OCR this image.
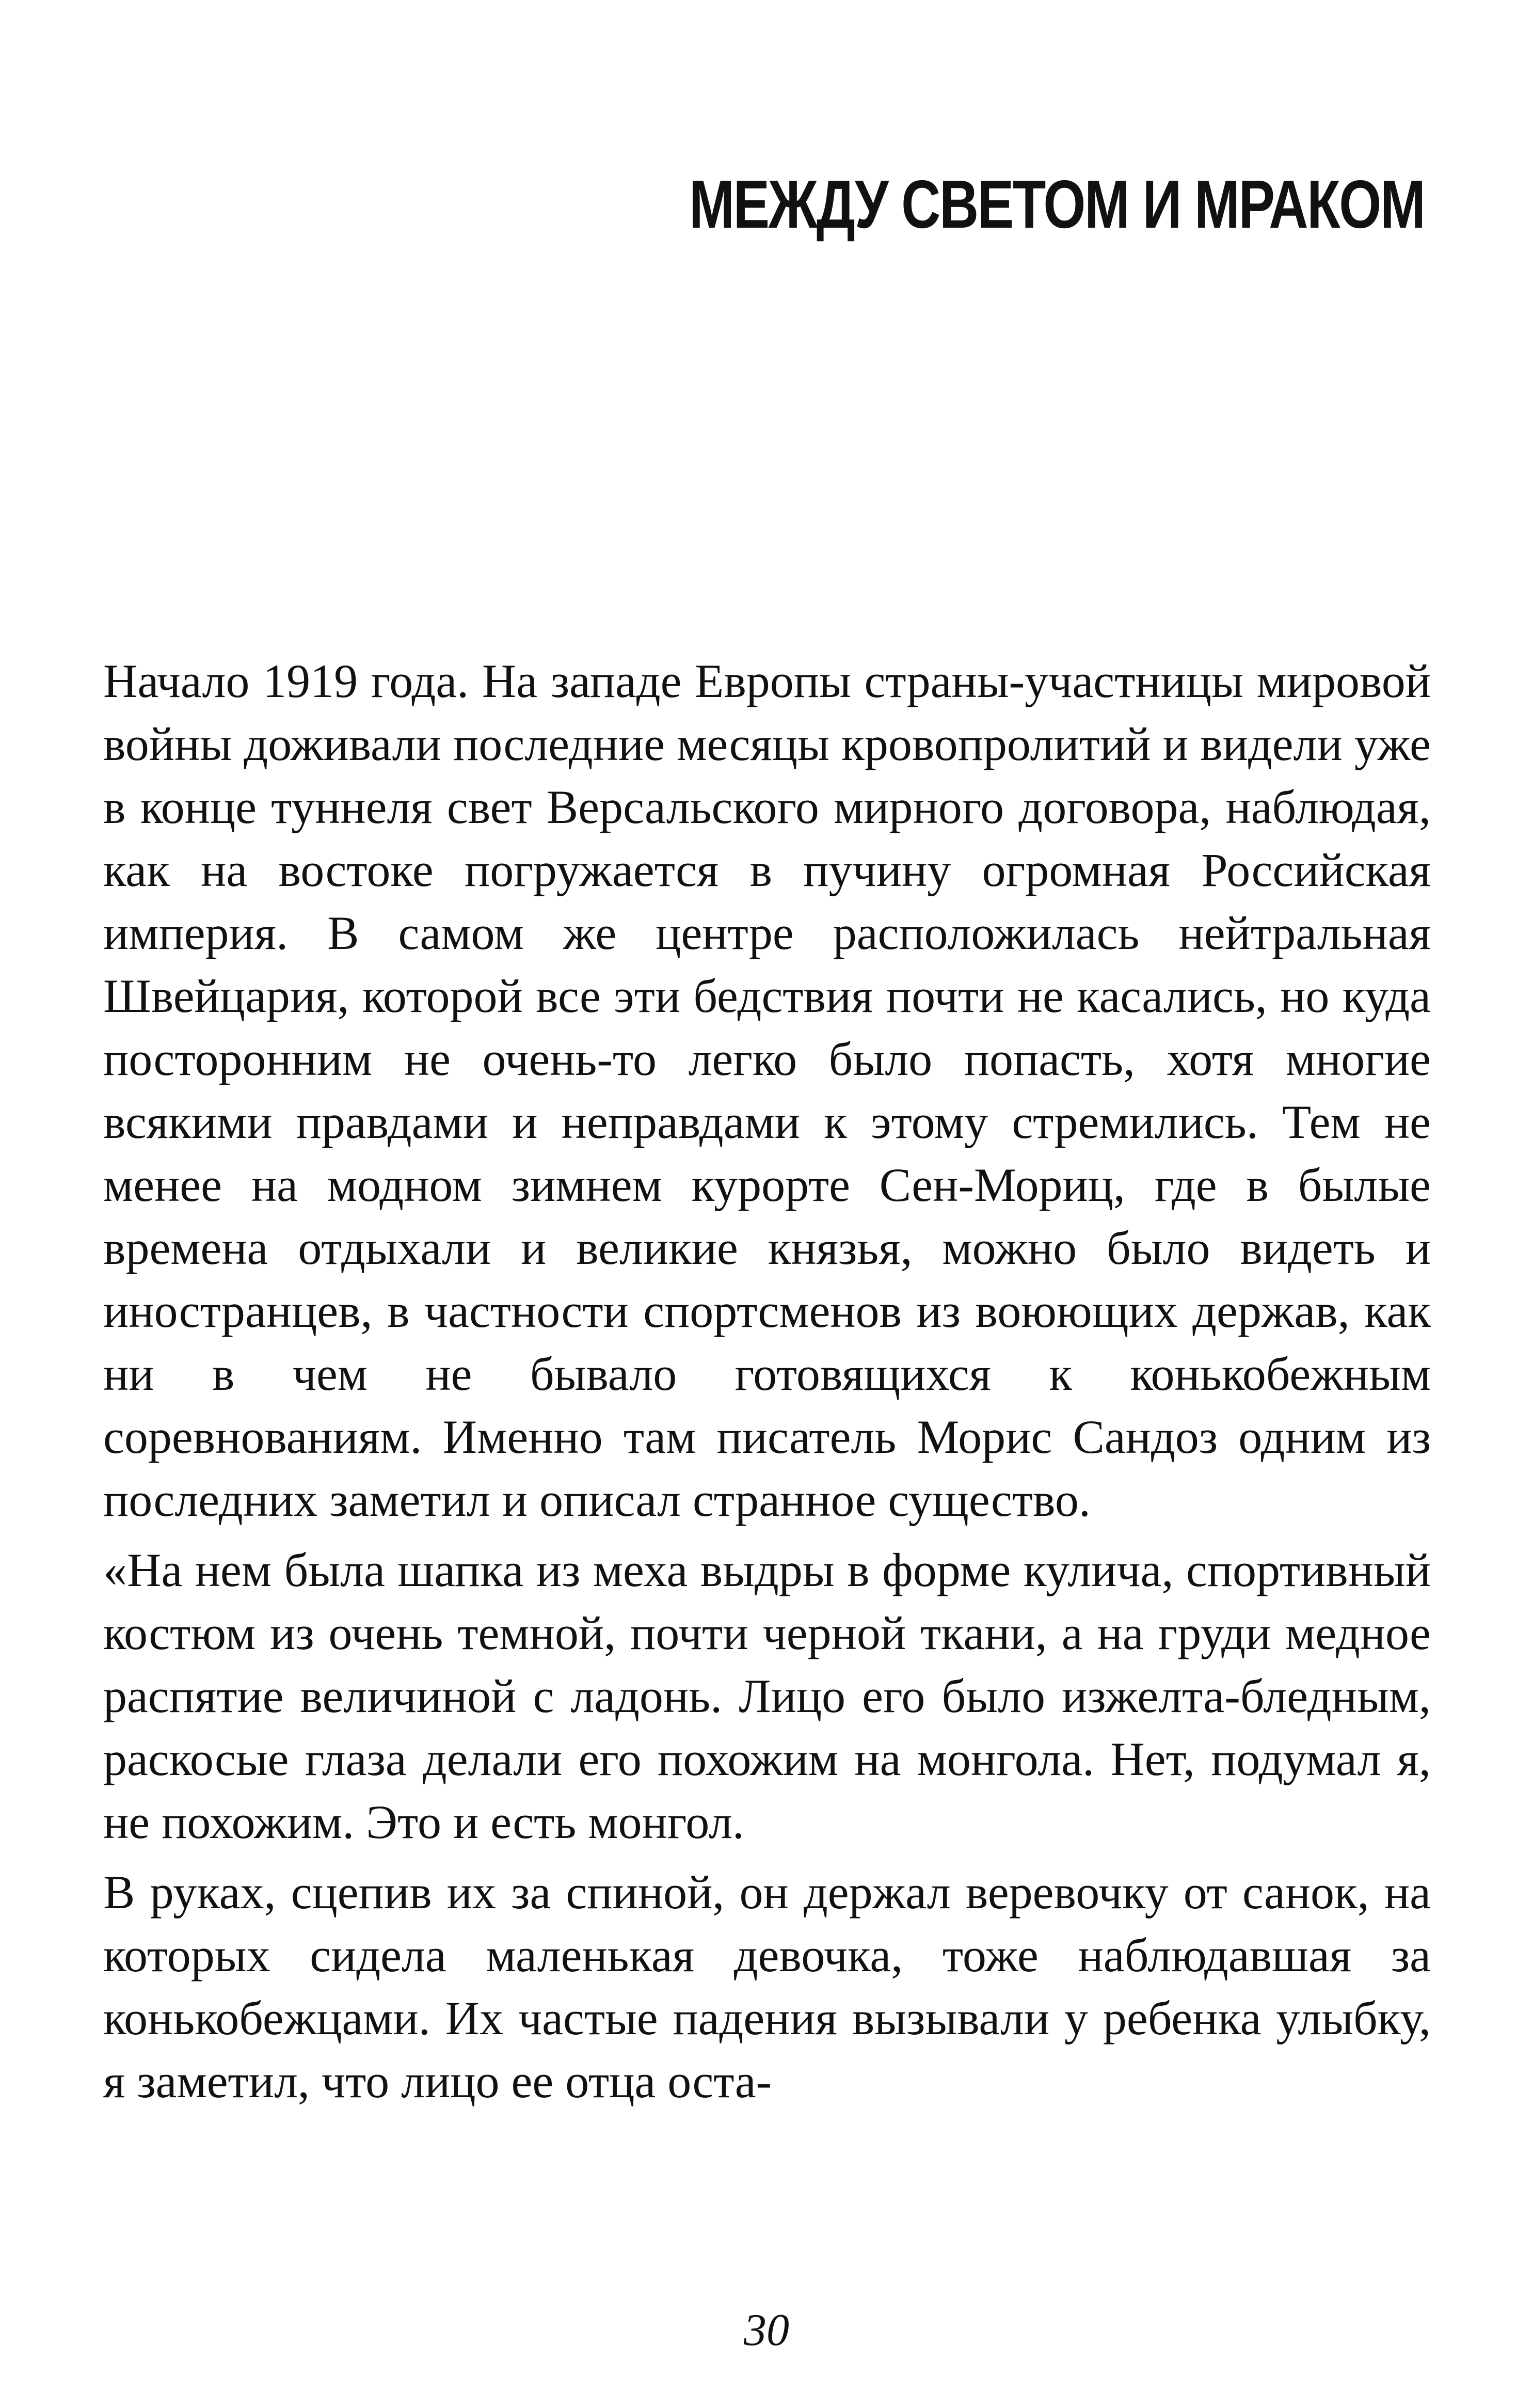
МЕЖДУ СВЕТОМ И МРАКОМ

Начало 1919 года. На западе Европы страны-участницы мировой войны доживали последние месяцы кровопролитий и видели уже в конце туннеля свет Версальского мирного договора, наблюдая, как на востоке погружается в пучину огромная Российская империя. В самом же центре расположилась нейтральная Швейцария, которой все эти бедствия почти не касались, но куда посторонним не очень-то легко было попасть, хотя многие всякими правдами и неправдами к этому стремились. Тем не менее на модном зимнем курорте Сен-Мориц, где в былые времена отдыхали и великие князья, можно было видеть и иностранцев, в частности спортсменов из воюющих держав, как ни в чем не бывало готовящихся к конькобежным соревнованиям. Именно там писатель Морис Сандоз одним из последних заметил и описал странное существо.

«На нем была шапка из меха выдры в форме кулича, спортивный костюм из очень темной, почти черной ткани, а на груди медное распятие величиной с ладонь. Лицо его было изжелта-бледным, раскосые глаза делали его похожим на монгола. Нет, подумал я, не похожим. Это и есть монгол.

В руках, сцепив их за спиной, он держал веревочку от санок, на которых сидела маленькая девочка, тоже наблюдавшая за конькобежцами. Их частые падения вызывали у ребенка улыбку, я заметил, что лицо ее отца оста-

30
